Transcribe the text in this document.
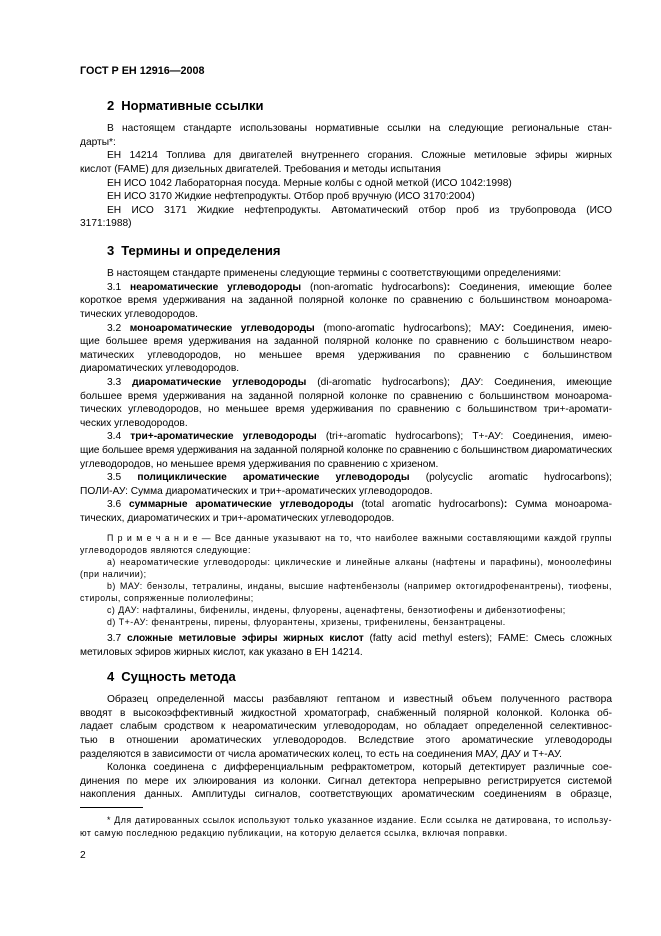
ГОСТ Р ЕН 12916—2008
2 Нормативные ссылки
В настоящем стандарте использованы нормативные ссылки на следующие региональные стан-
дарты*:
ЕН 14214 Топлива для двигателей внутреннего сгорания. Сложные метиловые эфиры жирных
кислот (FAME) для дизельных двигателей. Требования и методы испытания
ЕН ИСО 1042 Лабораторная посуда. Мерные колбы с одной меткой (ИСО 1042:1998)
ЕН ИСО 3170 Жидкие нефтепродукты. Отбор проб вручную (ИСО 3170:2004)
ЕН ИСО 3171 Жидкие нефтепродукты. Автоматический отбор проб из трубопровода (ИСО
3171:1988)
3 Термины и определения
В настоящем стандарте применены следующие термины с соответствующими определениями:
3.1 неароматические углеводороды (non-aromatic hydrocarbons): Соединения, имеющие более
короткое время удерживания на заданной полярной колонке по сравнению с большинством моноарома-
тических углеводородов.
3.2 моноароматические углеводороды (mono-aromatic hydrocarbons); МАУ: Соединения, имею-
щие большее время удерживания на заданной полярной колонке по сравнению с большинством неаро-
матических углеводородов, но меньшее время удерживания по сравнению с большинством
диароматических углеводородов.
3.3 диароматические углеводороды (di-aromatic hydrocarbons); ДАУ: Соединения, имеющие
большее время удерживания на заданной полярной колонке по сравнению с большинством моноарома-
тических углеводородов, но меньшее время удерживания по сравнению с большинством три+-аромати-
ческих углеводородов.
3.4 три+-ароматические углеводороды (tri+-aromatic hydrocarbons); Т+-АУ: Соединения, имею-
щие большее время удерживания на заданной полярной колонке по сравнению с большинством диароматических
углеводородов, но меньшее время удерживания по сравнению с хризеном.
3.5 полициклические ароматические углеводороды (polycyclic aromatic hydrocarbons);
ПОЛИ-АУ: Сумма диароматических и три+-ароматических углеводородов.
3.6 суммарные ароматические углеводороды (total aromatic hydrocarbons): Сумма моноарома-
тических, диароматических и три+-ароматических углеводородов.
П р и м е ч а н и е — Все данные указывают на то, что наиболее важными составляющими каждой группы
углеводородов являются следующие:
a) неароматические углеводороды: циклические и линейные алканы (нафтены и парафины), моноолефины
(при наличии);
b) МАУ: бензолы, тетралины, инданы, высшие нафтенбензолы (например октогидрофенантрены), тиофены,
стиролы, сопряженные полиолефины;
c) ДАУ: нафталины, бифенилы, индены, флуорены, аценафтены, бензотиофены и дибензотиофены;
d) Т+-АУ: фенантрены, пирены, флуорантены, хризены, трифенилены, бензантрацены.
3.7 сложные метиловые эфиры жирных кислот (fatty acid methyl esters); FAME: Смесь сложных
метиловых эфиров жирных кислот, как указано в ЕН 14214.
4 Сущность метода
Образец определенной массы разбавляют гептаном и известный объем полученного раствора
вводят в высокоэффективный жидкостной хроматограф, снабженный полярной колонкой. Колонка об-
ладает слабым сродством к неароматическим углеводородам, но обладает определенной селективнос-
тью в отношении ароматических углеводородов. Вследствие этого ароматические углеводороды
разделяются в зависимости от числа ароматических колец, то есть на соединения МАУ, ДАУ и Т+-АУ.
Колонка соединена с дифференциальным рефрактометром, который детектирует различные сое-
динения по мере их элюирования из колонки. Сигнал детектора непрерывно регистрируется системой
накопления данных. Амплитуды сигналов, соответствующих ароматическим соединениям в образце,
* Для датированных ссылок используют только указанное издание. Если ссылка не датирована, то использу-
ют самую последнюю редакцию публикации, на которую делается ссылка, включая поправки.
2
